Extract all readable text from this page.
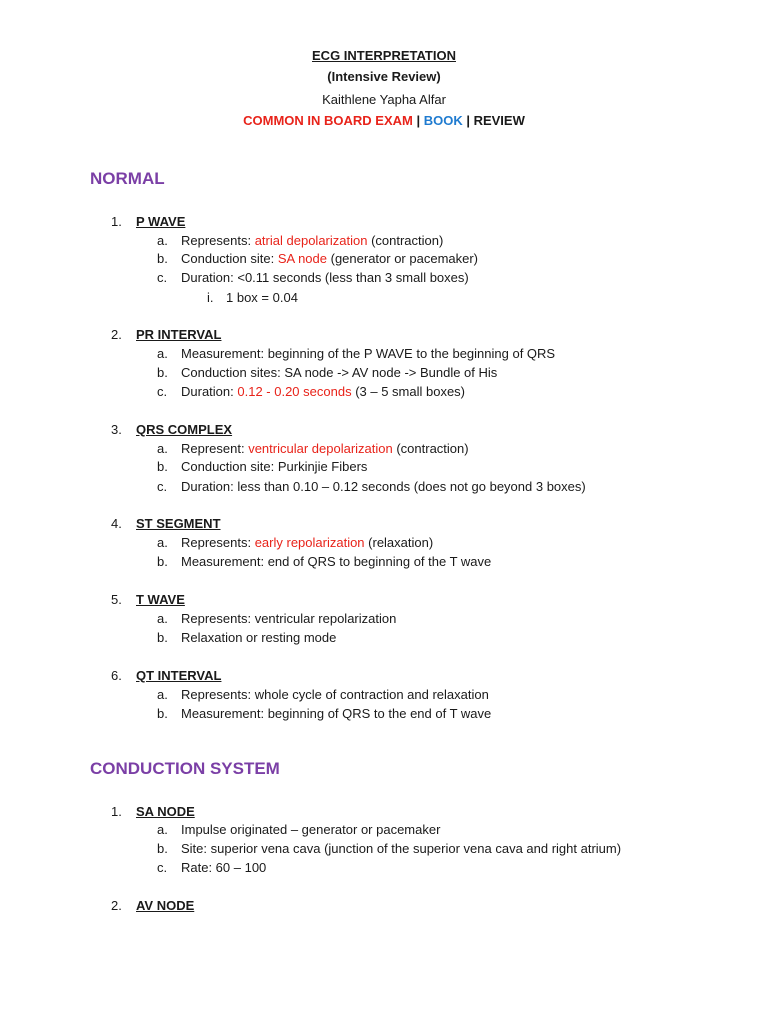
ECG INTERPRETATION
(Intensive Review)
Kaithlene Yapha Alfar
COMMON IN BOARD EXAM | BOOK | REVIEW
NORMAL
1. P WAVE
a. Represents: atrial depolarization (contraction)
b. Conduction site: SA node (generator or pacemaker)
c. Duration: <0.11 seconds (less than 3 small boxes)
i. 1 box = 0.04
2. PR INTERVAL
a. Measurement: beginning of the P WAVE to the beginning of QRS
b. Conduction sites: SA node -> AV node -> Bundle of His
c. Duration: 0.12 - 0.20 seconds (3 – 5 small boxes)
3. QRS COMPLEX
a. Represent: ventricular depolarization (contraction)
b. Conduction site: Purkinjie Fibers
c. Duration: less than 0.10 – 0.12 seconds (does not go beyond 3 boxes)
4. ST SEGMENT
a. Represents: early repolarization (relaxation)
b. Measurement: end of QRS to beginning of the T wave
5. T WAVE
a. Represents: ventricular repolarization
b. Relaxation or resting mode
6. QT INTERVAL
a. Represents: whole cycle of contraction and relaxation
b. Measurement: beginning of QRS to the end of T wave
CONDUCTION SYSTEM
1. SA NODE
a. Impulse originated – generator or pacemaker
b. Site: superior vena cava (junction of the superior vena cava and right atrium)
c. Rate: 60 – 100
2. AV NODE
